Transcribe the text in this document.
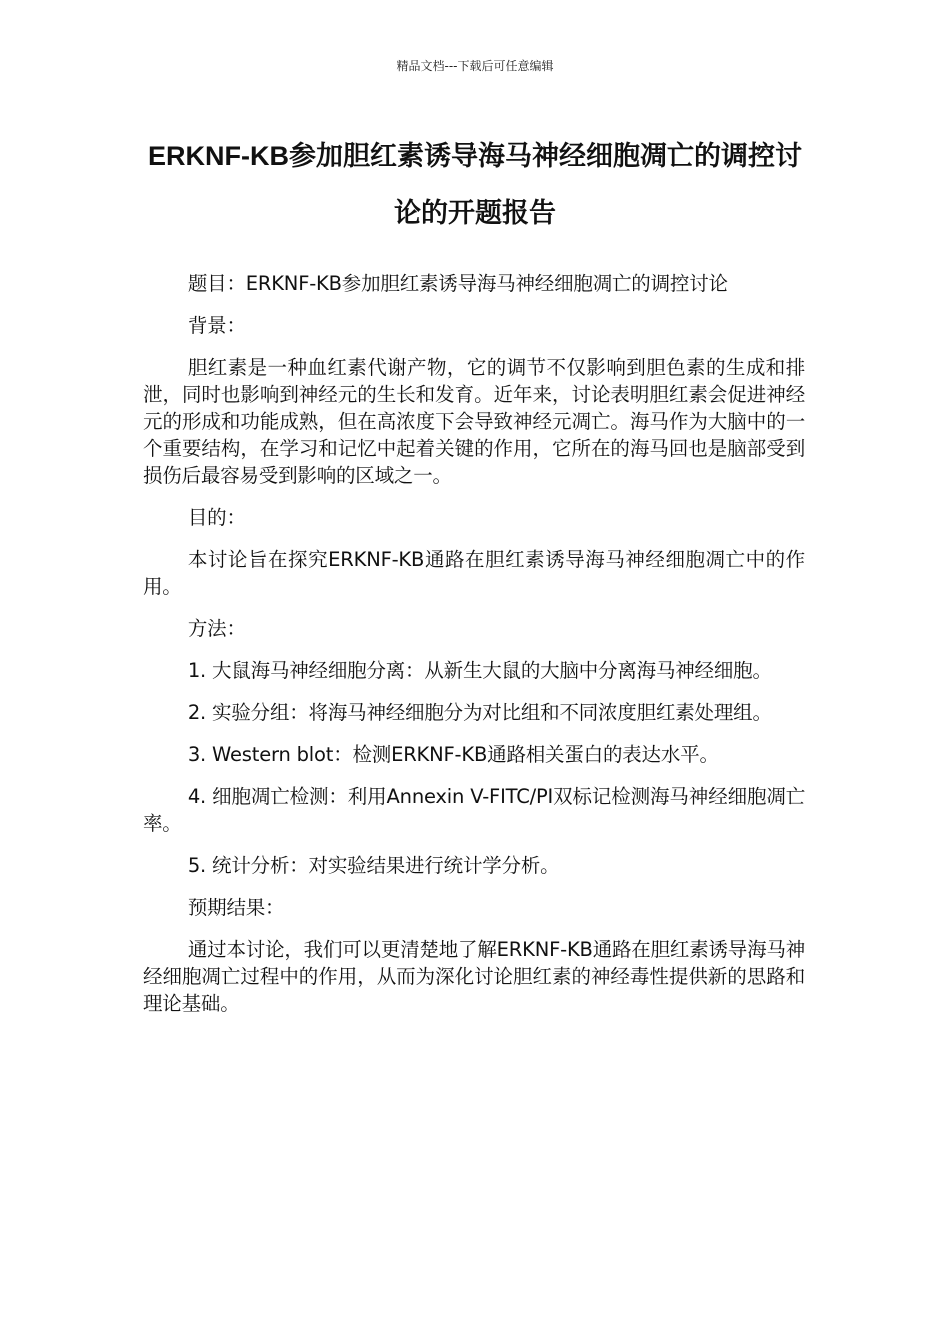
精品文档---下载后可任意编辑
ERKNF-KB参加胆红素诱导海马神经细胞凋亡的调控讨论的开题报告

题目：ERKNF-KB参加胆红素诱导海马神经细胞凋亡的调控讨论

背景：

胆红素是一种血红素代谢产物，它的调节不仅影响到胆色素的生成和排泄，同时也影响到神经元的生长和发育。近年来，讨论表明胆红素会促进神经元的形成和功能成熟，但在高浓度下会导致神经元凋亡。海马作为大脑中的一个重要结构，在学习和记忆中起着关键的作用，它所在的海马回也是脑部受到损伤后最容易受到影响的区域之一。

目的：

本讨论旨在探究ERKNF-KB通路在胆红素诱导海马神经细胞凋亡中的作用。

方法：

1. 大鼠海马神经细胞分离：从新生大鼠的大脑中分离海马神经细胞。

2. 实验分组：将海马神经细胞分为对比组和不同浓度胆红素处理组。

3. Western blot：检测ERKNF-KB通路相关蛋白的表达水平。

4. 细胞凋亡检测：利用Annexin V-FITC/PI双标记检测海马神经细胞凋亡率。

5. 统计分析：对实验结果进行统计学分析。

预期结果：

通过本讨论，我们可以更清楚地了解ERKNF-KB通路在胆红素诱导海马神经细胞凋亡过程中的作用，从而为深化讨论胆红素的神经毒性提供新的思路和理论基础。
